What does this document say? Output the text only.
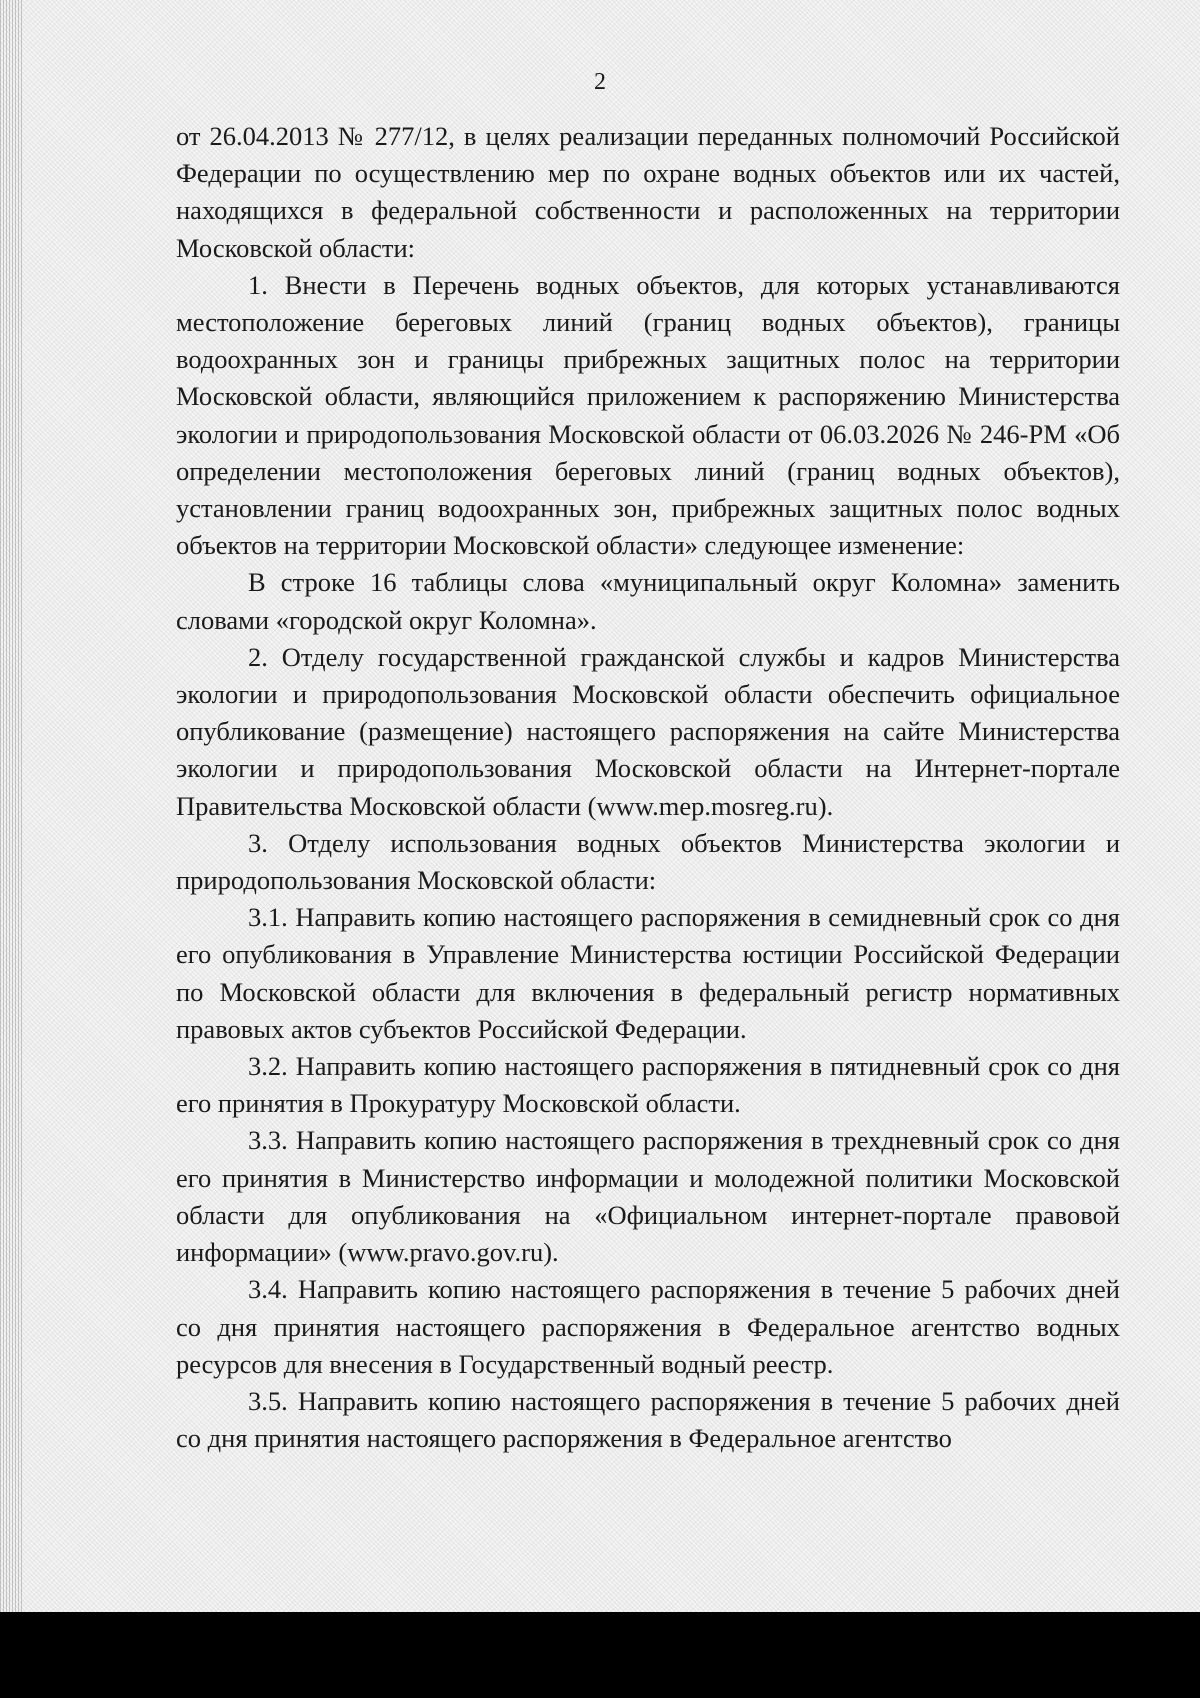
2

от 26.04.2013 № 277/12, в целях реализации переданных полномочий Российской Федерации по осуществлению мер по охране водных объектов или их частей, находящихся в федеральной собственности и расположенных на территории Московской области:

1. Внести в Перечень водных объектов, для которых устанавливаются местоположение береговых линий (границ водных объектов), границы водоохранных зон и границы прибрежных защитных полос на территории Московской области, являющийся приложением к распоряжению Министерства экологии и природопользования Московской области от 06.03.2026 № 246-РМ «Об определении местоположения береговых линий (границ водных объектов), установлении границ водоохранных зон, прибрежных защитных полос водных объектов на территории Московской области» следующее изменение:

В строке 16 таблицы слова «муниципальный округ Коломна» заменить словами «городской округ Коломна».

2. Отделу государственной гражданской службы и кадров Министерства экологии и природопользования Московской области обеспечить официальное опубликование (размещение) настоящего распоряжения на сайте Министерства экологии и природопользования Московской области на Интернет-портале Правительства Московской области (www.mep.mosreg.ru).

3. Отделу использования водных объектов Министерства экологии и природопользования Московской области:

3.1. Направить копию настоящего распоряжения в семидневный срок со дня его опубликования в Управление Министерства юстиции Российской Федерации по Московской области для включения в федеральный регистр нормативных правовых актов субъектов Российской Федерации.

3.2. Направить копию настоящего распоряжения в пятидневный срок со дня его принятия в Прокуратуру Московской области.

3.3. Направить копию настоящего распоряжения в трехдневный срок со дня его принятия в Министерство информации и молодежной политики Московской области для опубликования на «Официальном интернет-портале правовой информации» (www.pravo.gov.ru).

3.4. Направить копию настоящего распоряжения в течение 5 рабочих дней со дня принятия настоящего распоряжения в Федеральное агентство водных ресурсов для внесения в Государственный водный реестр.

3.5. Направить копию настоящего распоряжения в течение 5 рабочих дней со дня принятия настоящего распоряжения в Федеральное агентство
